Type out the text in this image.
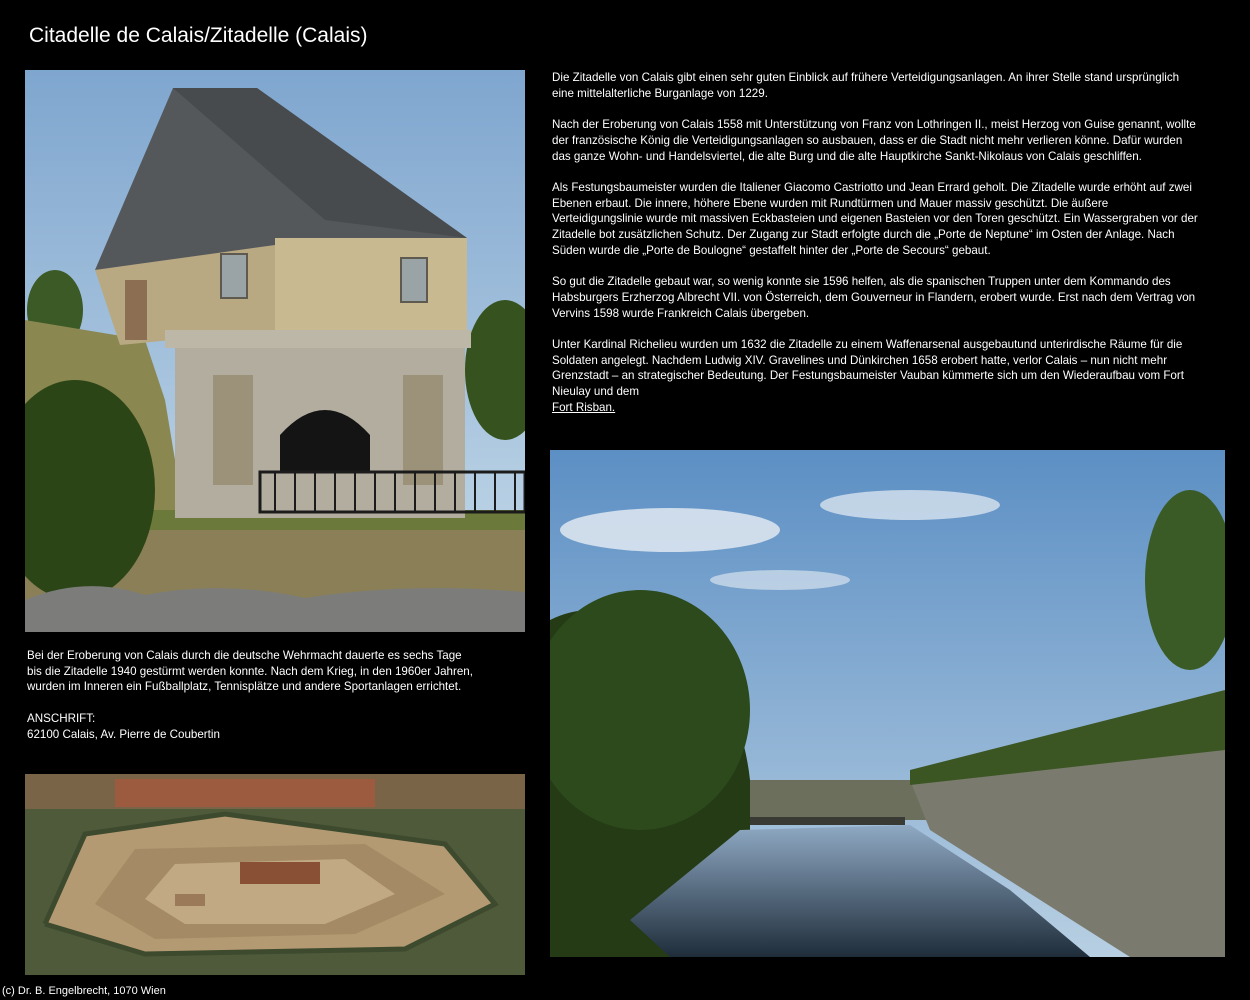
Citadelle de Calais/Zitadelle (Calais)

Die Zitadelle von Calais gibt einen sehr guten Einblick auf frühere Verteidigungsanlagen. An ihrer Stelle stand ursprünglich eine mittelalterliche Burganlage von 1229.

Nach der Eroberung von Calais 1558 mit Unterstützung von Franz von Lothringen II., meist Herzog von Guise genannt, wollte der französische König die Verteidigungsanlagen so ausbauen, dass er die Stadt nicht mehr verlieren könne. Dafür wurden das ganze Wohn- und Handelsviertel, die alte Burg und die alte Hauptkirche Sankt-Nikolaus von Calais geschliffen.

Als Festungsbaumeister wurden die Italiener Giacomo Castriotto und Jean Errard geholt. Die Zitadelle wurde erhöht auf zwei Ebenen erbaut. Die innere, höhere Ebene wurden mit Rundtürmen und Mauer massiv geschützt. Die äußere Verteidigungslinie wurde mit massiven Eckbasteien und eigenen Basteien vor den Toren geschützt. Ein Wassergraben vor der Zitadelle bot zusätzlichen Schutz. Der Zugang zur Stadt erfolgte durch die „Porte de Neptune“ im Osten der Anlage. Nach Süden wurde die „Porte de Boulogne“ gestaffelt hinter der „Porte de Secours“ gebaut.

So gut die Zitadelle gebaut war, so wenig konnte sie 1596 helfen, als die spanischen Truppen unter dem Kommando des Habsburgers Erzherzog Albrecht VII. von Österreich, dem Gouverneur in Flandern, erobert wurde. Erst nach dem Vertrag von Vervins 1598 wurde Frankreich Calais übergeben.

Unter Kardinal Richelieu wurden um 1632 die Zitadelle zu einem Waffenarsenal ausgebautund unterirdische Räume für die Soldaten angelegt. Nachdem Ludwig XIV. Gravelines und Dünkirchen 1658 erobert hatte, verlor Calais – nun nicht mehr Grenzstadt – an strategischer Bedeutung. Der Festungsbaumeister Vauban kümmerte sich um den Wiederaufbau vom Fort Nieulay und dem
Fort Risban.

Bei der Eroberung von Calais durch die deutsche Wehrmacht dauerte es sechs Tage bis die Zitadelle 1940 gestürmt werden konnte. Nach dem Krieg, in den 1960er Jahren, wurden im Inneren ein Fußballplatz, Tennisplätze und andere Sportanlagen errichtet.

ANSCHRIFT:
62100 Calais, Av. Pierre de Coubertin

(c) Dr. B. Engelbrecht, 1070 Wien
